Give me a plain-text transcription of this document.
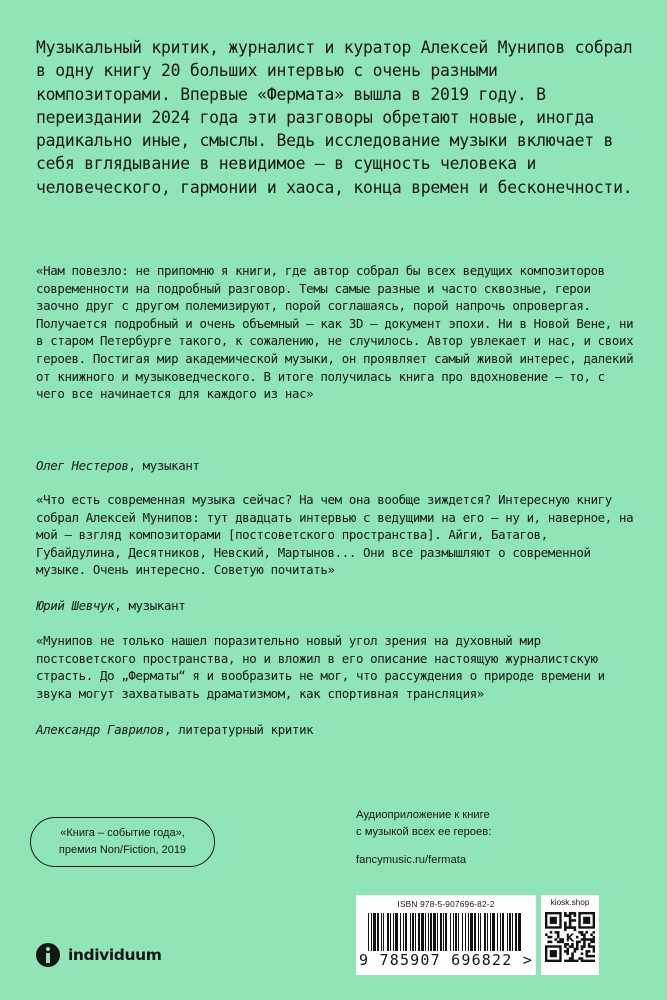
Музыкальный критик, журналист и куратор Алексей Мунипов собрал в одну книгу 20 больших интервью с очень разными композиторами. Впервые «Фермата» вышла в 2019 году. В переиздании 2024 года эти разговоры обретают новые, иногда радикально иные, смыслы. Ведь исследование музыки включает в себя вглядывание в невидимое – в сущность человека и человеческого, гармонии и хаоса, конца времен и бесконечности.

«Нам повезло: не припомню я книги, где автор собрал бы всех ведущих композиторов современности на подробный разговор. Темы самые разные и часто сквозные, герои заочно друг с другом полемизируют, порой соглашаясь, порой напрочь опровергая. Получается подробный и очень объемный – как 3D – документ эпохи. Ни в Новой Вене, ни в старом Петербурге такого, к сожалению, не случилось. Автор увлекает и нас, и своих героев. Постигая мир академической музыки, он проявляет самый живой интерес, далекий от книжного и музыковедческого. В итоге получилась книга про вдохновение – то, с чего все начинается для каждого из нас»

Олег Нестеров, музыкант

«Что есть современная музыка сейчас? На чем она вообще зиждется? Интересную книгу собрал Алексей Мунипов: тут двадцать интервью с ведущими на его – ну и, наверное, на мой – взгляд композиторами [постсоветского пространства]. Айги, Батагов, Губайдулина, Десятников, Невский, Мартынов... Они все размышляют о современной музыке. Очень интересно. Советую почитать»

Юрий Шевчук, музыкант

«Мунипов не только нашел поразительно новый угол зрения на духовный мир постсоветского пространства, но и вложил в его описание настоящую журналистскую страсть. До „Ферматы“ я и вообразить не мог, что рассуждения о природе времени и звука могут захватывать драматизмом, как спортивная трансляция»

Александр Гаврилов, литературный критик

«Книга – событие года»,
премия Non/Fiction, 2019
individuum
Аудиоприложение к книге
с музыкой всех ее героев:
fancymusic.ru/fermata
ISBN 978-5-907696-82-2
9 785907 696822 >
kiosk.shop
K
